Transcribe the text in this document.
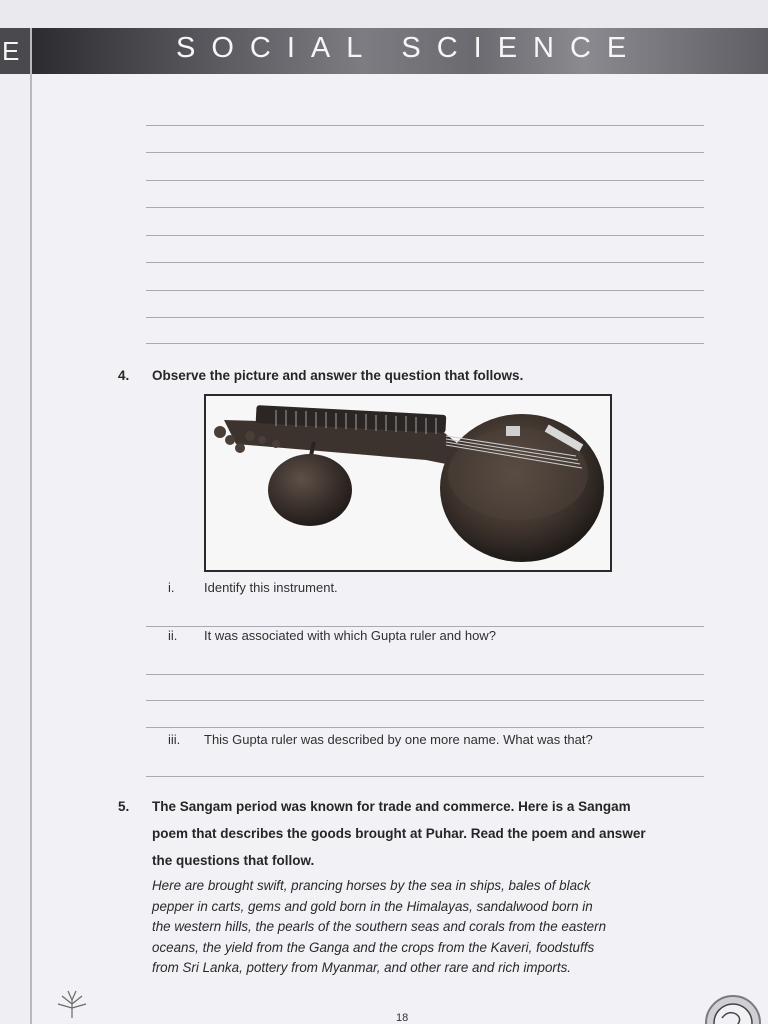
E	SOCIAL SCIENCE
4. Observe the picture and answer the question that follows.
i. Identify this instrument.
ii. It was associated with which Gupta ruler and how?
iii. This Gupta ruler was described by one more name. What was that?
5. The Sangam period was known for trade and commerce. Here is a Sangam
poem that describes the goods brought at Puhar. Read the poem and answer
the questions that follow.
Here are brought swift, prancing horses by the sea in ships, bales of black
pepper in carts, gems and gold born in the Himalayas, sandalwood born in
the western hills, the pearls of the southern seas and corals from the eastern
oceans, the yield from the Ganga and the crops from the Kaveri, foodstuffs
from Sri Lanka, pottery from Myanmar, and other rare and rich imports.
18
